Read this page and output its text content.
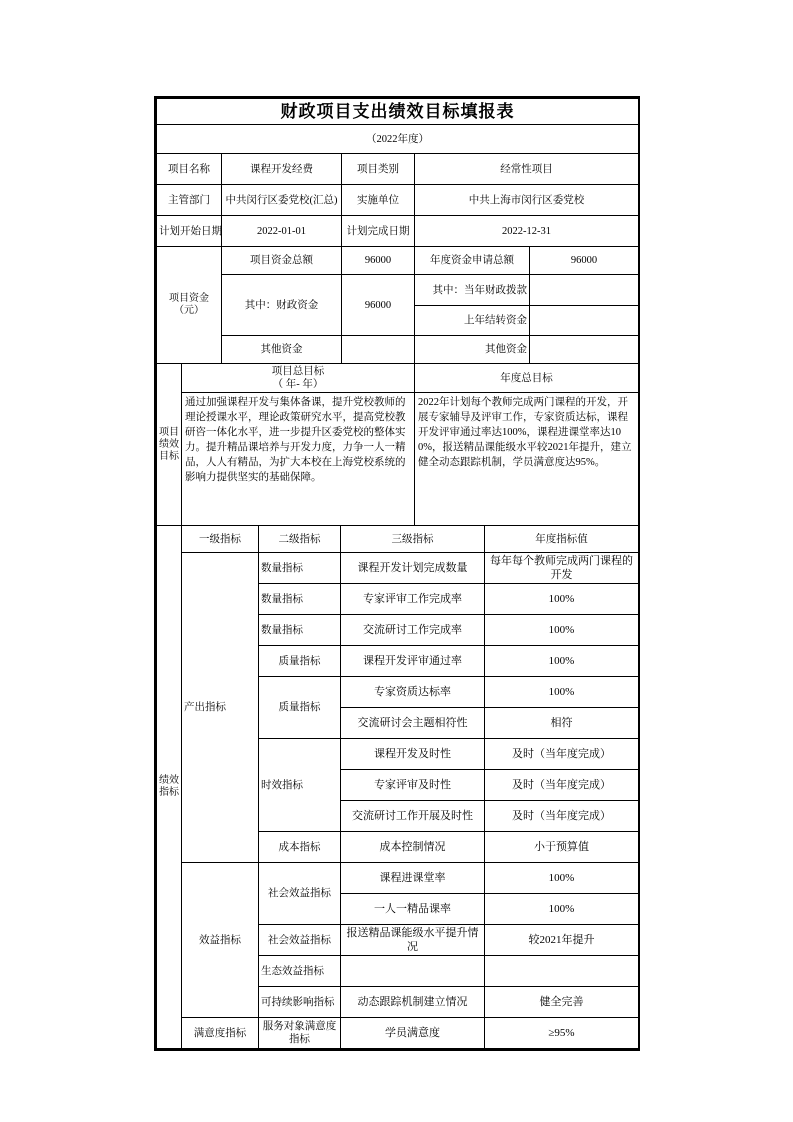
财政项目支出绩效目标填报表
（2022年度）
项目名称	课程开发经费	项目类别	经常性项目
主管部门	中共闵行区委党校(汇总)	实施单位	中共上海市闵行区委党校
计划开始日期	2022-01-01	计划完成日期	2022-12-31
项目资金
（元）	项目资金总额	96000	年度资金申请总额	96000
	其中：财政资金	96000	其中：当年财政拨款	
			上年结转资金	
	其他资金		其他资金	
项目
绩效
目标

项目总目标
（ 年- 年）
	年度总目标
	通过加强课程开发与集体备课，提升党校教师的理论授课水平，理论政策研究水平，提高党校教研咨一体化水平，进一步提升区委党校的整体实力。提升精品课培养与开发力度，力争一人一精品，人人有精品，为扩大本校在上海党校系统的影响力提供坚实的基础保障。	2022年计划每个教师完成两门课程的开发，开展专家辅导及评审工作，专家资质达标，课程开发评审通过率达100%，课程进课堂率达100%，报送精品课能级水平较2021年提升，建立健全动态跟踪机制，学员满意度达95%。
绩效
指标	一级指标	二级指标	三级指标	年度指标值
	产出指标	数量指标	课程开发计划完成数量	每年每个教师完成两门课程的开发
		数量指标	专家评审工作完成率	100%
		数量指标	交流研讨工作完成率	100%
		质量指标	课程开发评审通过率	100%
		质量指标	专家资质达标率	100%
			交流研讨会主题相符性	相符
		时效指标	课程开发及时性	及时（当年度完成）
			专家评审及时性	及时（当年度完成）
			交流研讨工作开展及时性	及时（当年度完成）
		成本指标	成本控制情况	小于预算值
	效益指标	社会效益指标	课程进课堂率	100%
			一人一精品课率	100%
		社会效益指标	报送精品课能级水平提升情况	较2021年提升
		生态效益指标		
		可持续影响指标	动态跟踪机制建立情况	健全完善
	满意度指标	服务对象满意度指标	学员满意度	≥95%
